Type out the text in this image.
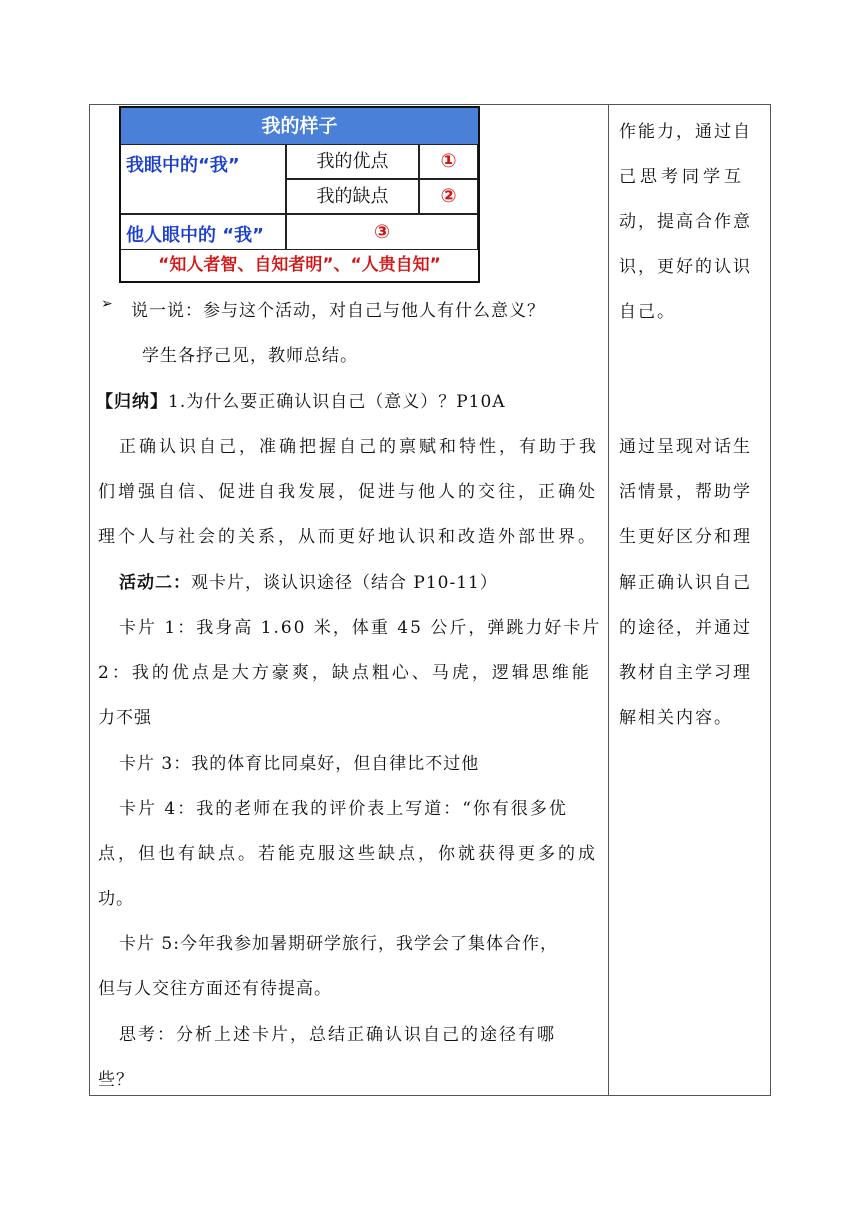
我的样子
我眼中的“我”	我的优点	①
我的缺点	②
他人眼中的 “我”	③
“知人者智、自知者明”、“人贵自知”
➢ 说一说：参与这个活动，对自己与他人有什么意义？
学生各抒己见，教师总结。
【归纳】1.为什么要正确认识自己（意义）？P10A
正确认识自己，准确把握自己的禀赋和特性，有助于我
们增强自信、促进自我发展，促进与他人的交往，正确处
理个人与社会的关系，从而更好地认识和改造外部世界。
活动二：观卡片，谈认识途径（结合 P10-11）
卡片 1：我身高 1.60 米，体重 45 公斤，弹跳力好卡片
2：我的优点是大方豪爽，缺点粗心、马虎，逻辑思维能
力不强
卡片 3：我的体育比同桌好，但自律比不过他
卡片 4：我的老师在我的评价表上写道：“你有很多优
点，但也有缺点。若能克服这些缺点，你就获得更多的成
功。
卡片 5:今年我参加暑期研学旅行，我学会了集体合作，
但与人交往方面还有待提高。
思考：分析上述卡片，总结正确认识自己的途径有哪
些？
作能力，通过自
己思考同学互
动，提高合作意
识，更好的认识
自己。
通过呈现对话生
活情景，帮助学
生更好区分和理
解正确认识自己
的途径，并通过
教材自主学习理
解相关内容。
